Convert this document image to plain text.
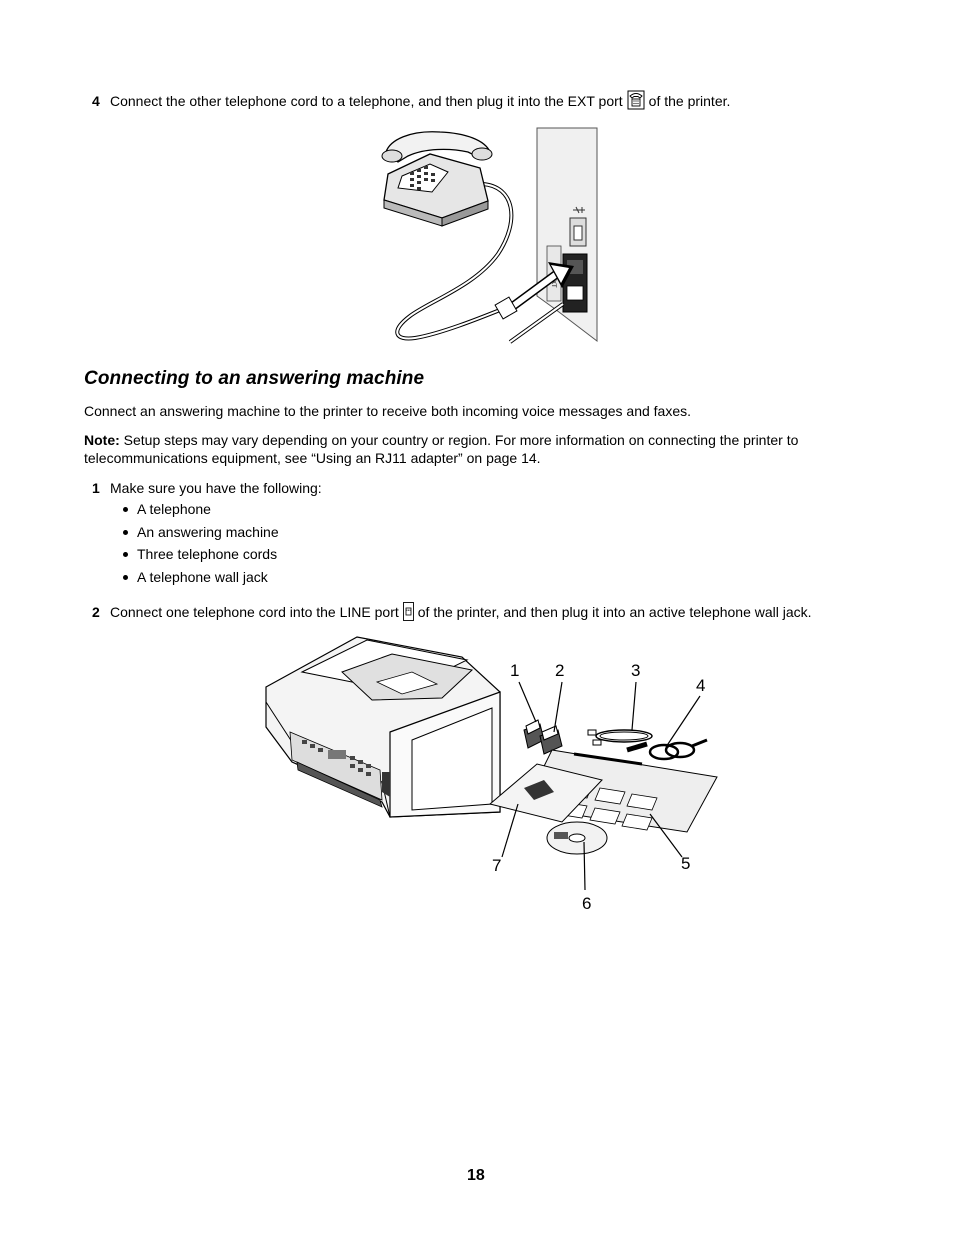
4 Connect the other telephone cord to a telephone, and then plug it into the EXT port of the printer.
EXT
Connecting to an answering machine
Connect an answering machine to the printer to receive both incoming voice messages and faxes.
Note: Setup steps may vary depending on your country or region. For more information on connecting the printer to telecommunications equipment, see “Using an RJ11 adapter” on page 14.
1 Make sure you have the following:
A telephone
An answering machine
Three telephone cords
A telephone wall jack
2 Connect one telephone cord into the LINE port of the printer, and then plug it into an active telephone wall jack.
1 2	3
4
5
6
7
18
